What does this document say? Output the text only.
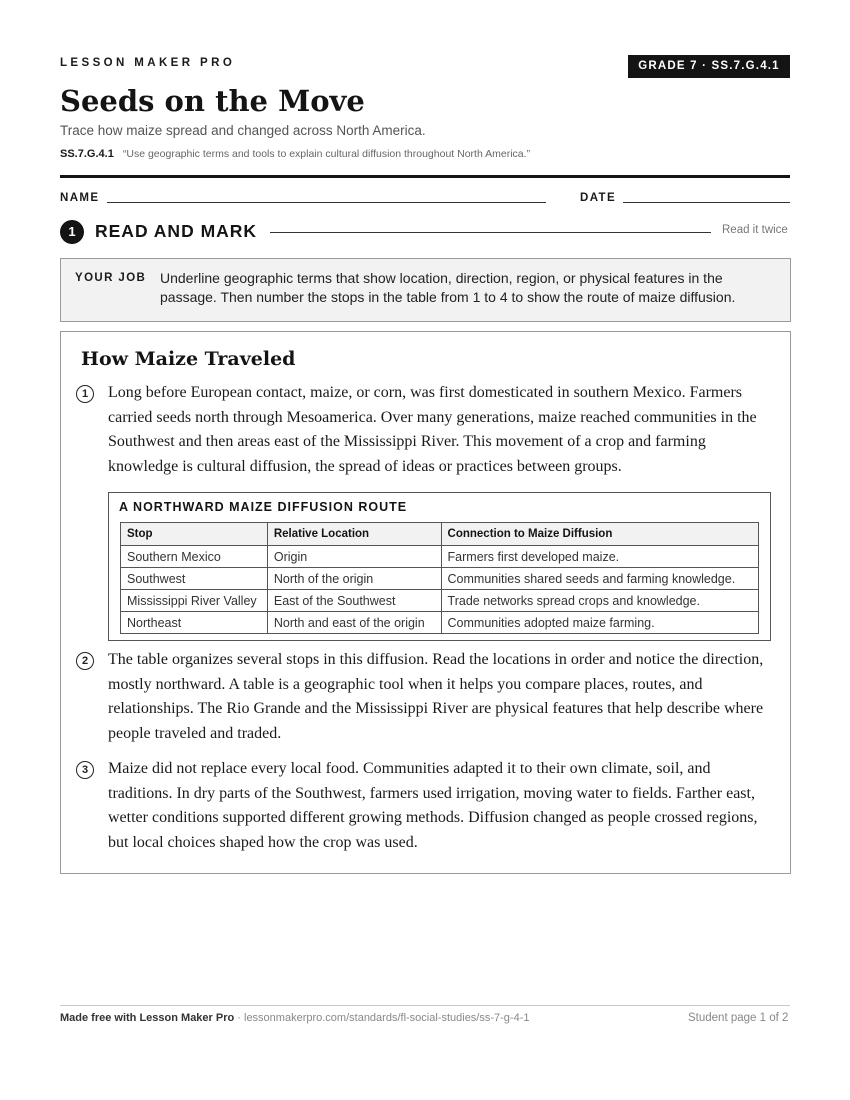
LESSON MAKER PRO	GRADE 7 · SS.7.G.4.1
Seeds on the Move
Trace how maize spread and changed across North America.
SS.7.G.4.1 “Use geographic terms and tools to explain cultural diffusion throughout North America.”
NAME	DATE
1	READ AND MARK	Read it twice
YOUR JOB Underline geographic terms that show location, direction, region, or physical features in the passage. Then number the stops in the table from 1 to 4 to show the route of maize diffusion.
How Maize Traveled
1	Long before European contact, maize, or corn, was first domesticated in southern Mexico. Farmers carried seeds north through Mesoamerica. Over many generations, maize reached communities in the Southwest and then areas east of the Mississippi River. This movement of a crop and farming knowledge is cultural diffusion, the spread of ideas or practices between groups.
A NORTHWARD MAIZE DIFFUSION ROUTE
Stop	Relative Location	Connection to Maize Diffusion
Southern Mexico	Origin	Farmers first developed maize.
Southwest	North of the origin	Communities shared seeds and farming knowledge.
Mississippi River Valley	East of the Southwest	Trade networks spread crops and knowledge.
Northeast	North and east of the origin	Communities adopted maize farming.
2	The table organizes several stops in this diffusion. Read the locations in order and notice the direction, mostly northward. A table is a geographic tool when it helps you compare places, routes, and relationships. The Rio Grande and the Mississippi River are physical features that help describe where people traveled and traded.
3	Maize did not replace every local food. Communities adapted it to their own climate, soil, and traditions. In dry parts of the Southwest, farmers used irrigation, moving water to fields. Farther east, wetter conditions supported different growing methods. Diffusion changed as people crossed regions, but local choices shaped how the crop was used.
Made free with Lesson Maker Pro · lessonmakerpro.com/standards/fl-social-studies/ss-7-g-4-1	Student page 1 of 2
